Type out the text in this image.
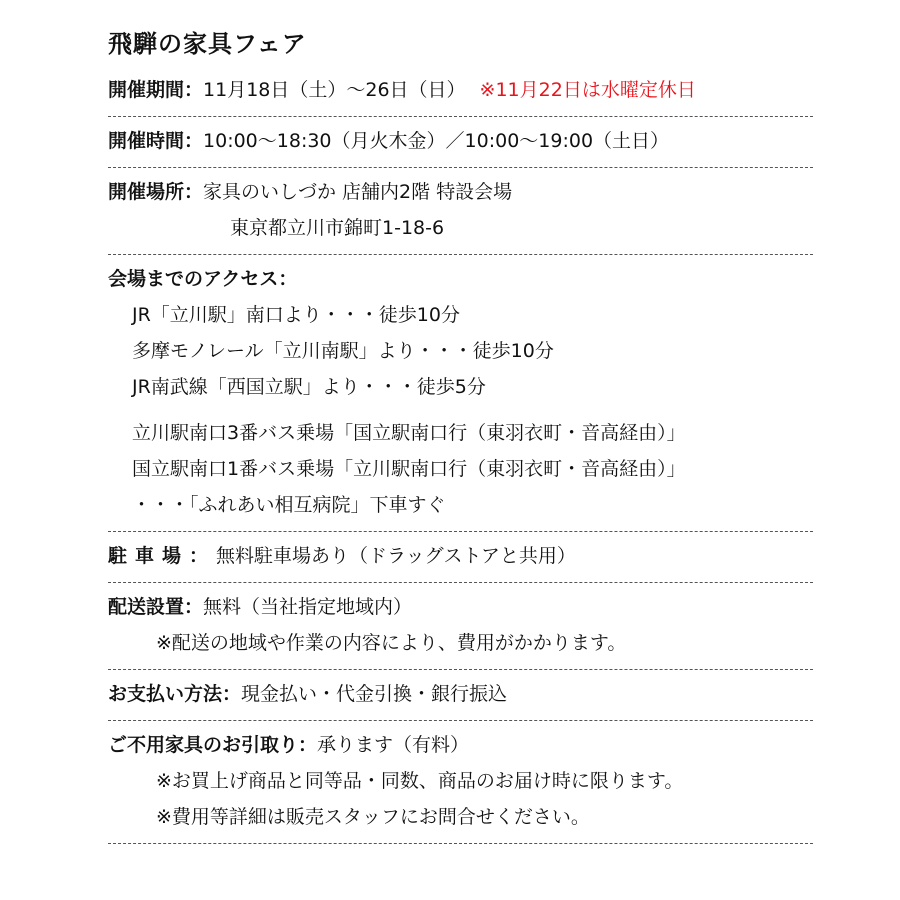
飛騨の家具フェア
開催期間： 11月18日（土）～26日（日） ※11月22日は水曜定休日
開催時間： 10:00～18:30（月火木金）／10:00～19:00（土日）
開催場所： 家具のいしづか 店舗内2階 特設会場
東京都立川市錦町1-18-6
会場までのアクセス：
JR「立川駅」南口より・・・徒歩10分
多摩モノレール「立川南駅」より・・・徒歩10分
JR南武線「西国立駅」より・・・徒歩5分
立川駅南口3番バス乗場「国立駅南口行（東羽衣町・音高経由）」
国立駅南口1番バス乗場「立川駅南口行（東羽衣町・音高経由）」
・・・「ふれあい相互病院」下車すぐ
駐車場： 無料駐車場あり（ドラッグストアと共用）
配送設置： 無料（当社指定地域内）
※配送の地域や作業の内容により、費用がかかります。
お支払い方法： 現金払い・代金引換・銀行振込
ご不用家具のお引取り： 承ります（有料）
※お買上げ商品と同等品・同数、商品のお届け時に限ります。
※費用等詳細は販売スタッフにお問合せください。
